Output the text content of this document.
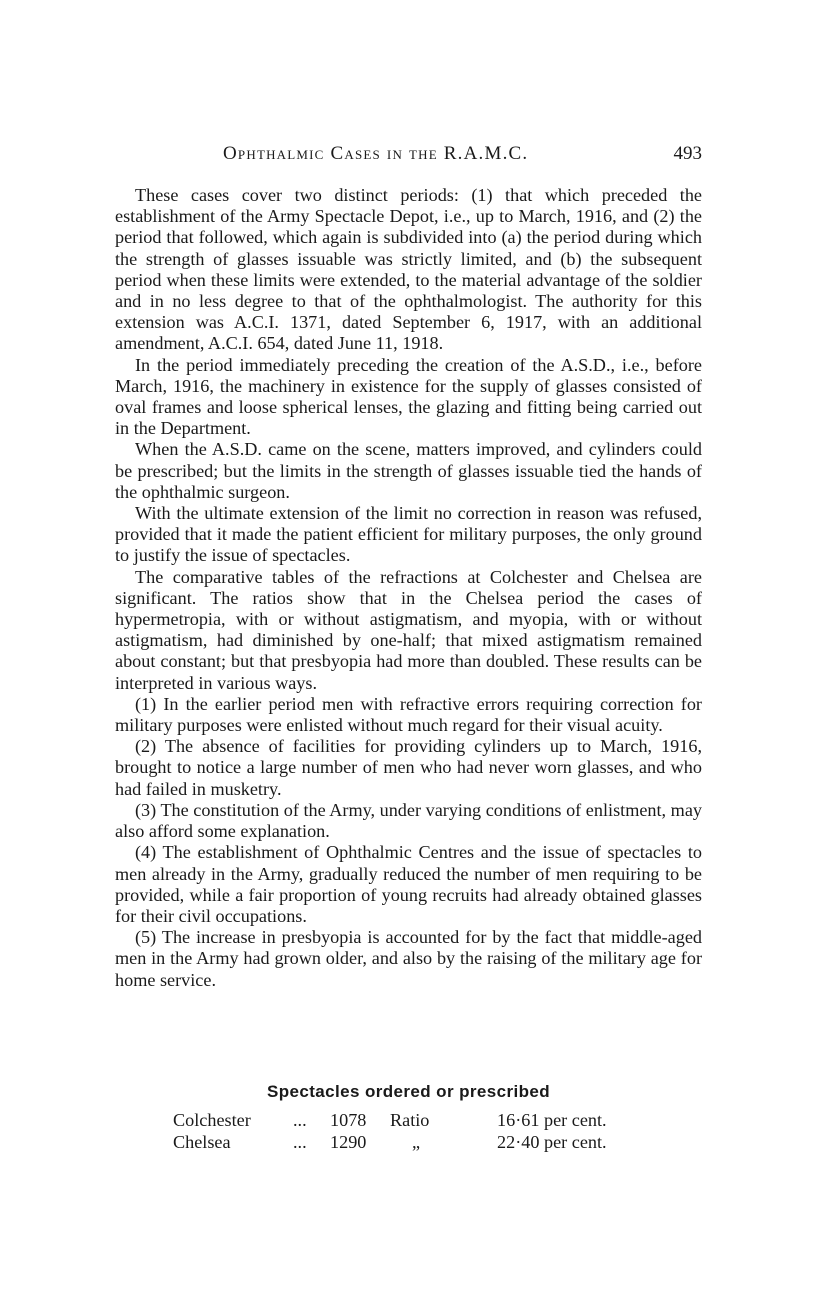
Ophthalmic Cases in the R.A.M.C.	493

These cases cover two distinct periods: (1) that which preceded the establishment of the Army Spectacle Depot, i.e., up to March, 1916, and (2) the period that followed, which again is subdivided into (a) the period during which the strength of glasses issuable was strictly limited, and (b) the subsequent period when these limits were extended, to the material advantage of the soldier and in no less degree to that of the ophthalmologist. The authority for this extension was A.C.I. 1371, dated September 6, 1917, with an additional amendment, A.C.I. 654, dated June 11, 1918.

In the period immediately preceding the creation of the A.S.D., i.e., before March, 1916, the machinery in existence for the supply of glasses consisted of oval frames and loose spherical lenses, the glazing and fitting being carried out in the Department.

When the A.S.D. came on the scene, matters improved, and cylinders could be prescribed; but the limits in the strength of glasses issuable tied the hands of the ophthalmic surgeon.

With the ultimate extension of the limit no correction in reason was refused, provided that it made the patient efficient for military purposes, the only ground to justify the issue of spectacles.

The comparative tables of the refractions at Colchester and Chelsea are significant. The ratios show that in the Chelsea period the cases of hypermetropia, with or without astigmatism, and myopia, with or without astigmatism, had diminished by one-half; that mixed astigmatism remained about constant; but that presbyopia had more than doubled. These results can be interpreted in various ways.

(1) In the earlier period men with refractive errors requiring correction for military purposes were enlisted without much regard for their visual acuity.

(2) The absence of facilities for providing cylinders up to March, 1916, brought to notice a large number of men who had never worn glasses, and who had failed in musketry.

(3) The constitution of the Army, under varying conditions of enlistment, may also afford some explanation.

(4) The establishment of Ophthalmic Centres and the issue of spectacles to men already in the Army, gradually reduced the number of men requiring to be provided, while a fair proportion of young recruits had already obtained glasses for their civil occupations.

(5) The increase in presbyopia is accounted for by the fact that middle-aged men in the Army had grown older, and also by the raising of the military age for home service.

Spectacles ordered or prescribed
Colchester	...	1078	Ratio	16·61 per cent.
Chelsea	...	1290	„	22·40 per cent.
